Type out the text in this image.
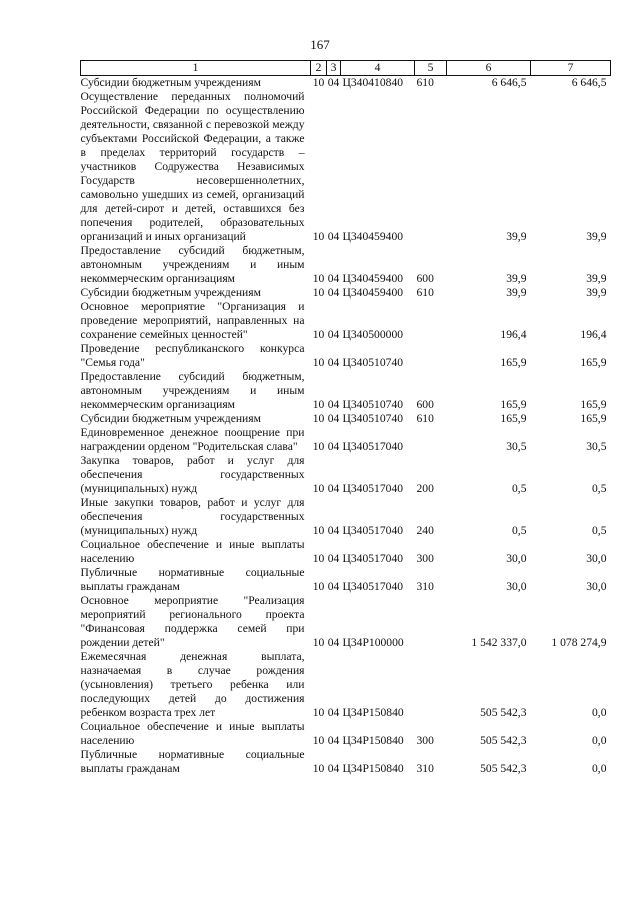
167
1	2	3	4	5	6	7
Субсидии бюджетным учреждениям	10	04	Ц340410840	610	6 646,5	6 646,5
Осуществление переданных полномочий Российской Федерации по осуществлению деятельности, связанной с перевозкой между субъектами Российской Федерации, а также в пределах территорий государств – участников Содружества Независимых Государств несовершеннолетних, самовольно ушедших из семей, организаций для детей-сирот и детей, оставшихся без попечения родителей, образовательных организаций и иных организаций	10	04	Ц340459400		39,9	39,9
Предоставление субсидий бюджетным, автономным учреждениям и иным некоммерческим организациям	10	04	Ц340459400	600	39,9	39,9
Субсидии бюджетным учреждениям	10	04	Ц340459400	610	39,9	39,9
Основное мероприятие "Организация и проведение мероприятий, направленных на сохранение семейных ценностей"	10	04	Ц340500000		196,4	196,4
Проведение республиканского конкурса "Семья года"	10	04	Ц340510740		165,9	165,9
Предоставление субсидий бюджетным, автономным учреждениям и иным некоммерческим организациям	10	04	Ц340510740	600	165,9	165,9
Субсидии бюджетным учреждениям	10	04	Ц340510740	610	165,9	165,9
Единовременное денежное поощрение при награждении орденом "Родительская слава"	10	04	Ц340517040		30,5	30,5
Закупка товаров, работ и услуг для обеспечения государственных (муниципальных) нужд	10	04	Ц340517040	200	0,5	0,5
Иные закупки товаров, работ и услуг для обеспечения государственных (муниципальных) нужд	10	04	Ц340517040	240	0,5	0,5
Социальное обеспечение и иные выплаты населению	10	04	Ц340517040	300	30,0	30,0
Публичные нормативные социальные выплаты гражданам	10	04	Ц340517040	310	30,0	30,0
Основное мероприятие "Реализация мероприятий регионального проекта "Финансовая поддержка семей при рождении детей"	10	04	Ц34Р100000		1 542 337,0	1 078 274,9
Ежемесячная денежная выплата, назначаемая в случае рождения (усыновления) третьего ребенка или последующих детей до достижения ребенком возраста трех лет	10	04	Ц34Р150840		505 542,3	0,0
Социальное обеспечение и иные выплаты населению	10	04	Ц34Р150840	300	505 542,3	0,0
Публичные нормативные социальные выплаты гражданам	10	04	Ц34Р150840	310	505 542,3	0,0
